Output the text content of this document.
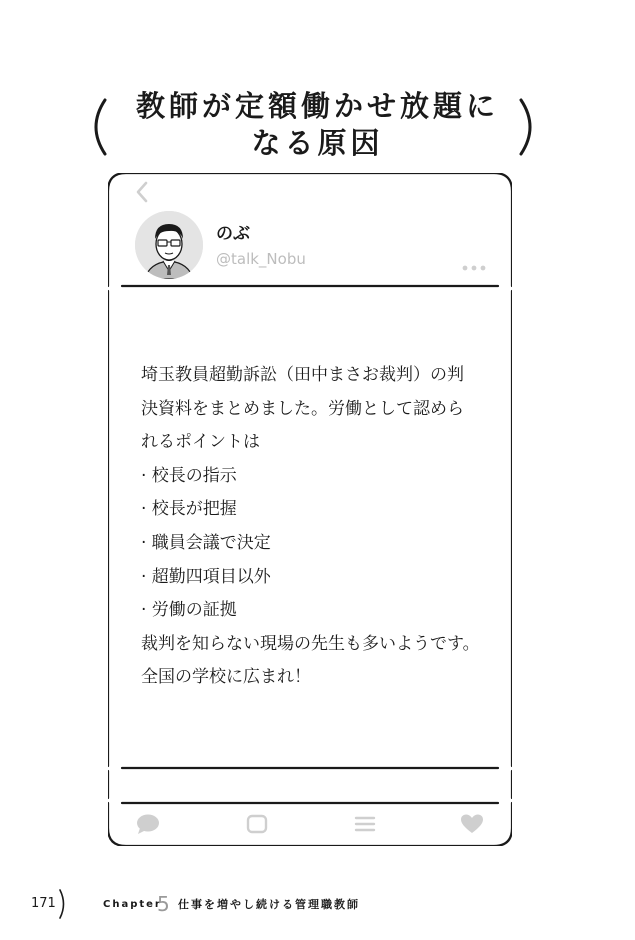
教師が定額働かせ放題に
なる原因
のぶ
@talk_Nobu
埼玉教員超勤訴訟（田中まさお裁判）の判
決資料をまとめました。労働として認めら
れるポイントは
· 校長の指示
· 校長が把握
· 職員会議で決定
· 超勤四項目以外
· 労働の証拠
裁判を知らない現場の先生も多いようです。
全国の学校に広まれ！
171	Chapter
5 仕事を増やし続ける管理職教師
